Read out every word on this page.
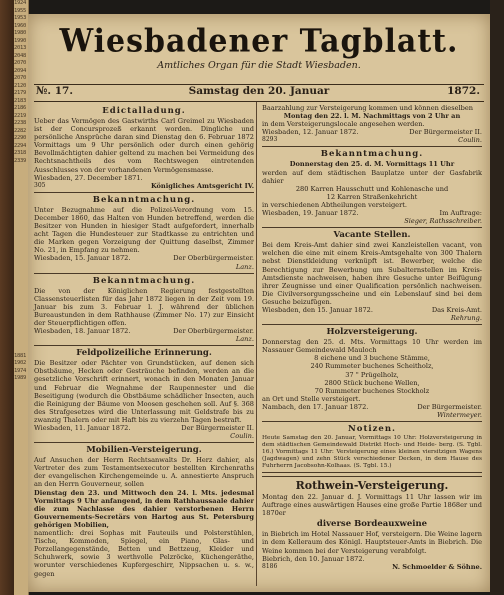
1924
1955
1953
1960
1980
1990
2013
2048
2070
2094
2070
2120
2179
2183
2186
2219
2238
2282
2290
2294
2318
2339

1881
1902
1974
1989

Wiesbadener Tagblatt.
Amtliches Organ für die Stadt Wiesbaden.
№. 17.	Samstag den 20. Januar	1872.
Edictalladung.
Ueber das Vermögen des Gastwirths Carl Greimel zu Wiesbaden ist der Concursprozeß erkannt worden. Dingliche und persönliche Ansprüche daran sind Dienstag den 6. Februar 1872 Vormittags um 9 Uhr persönlich oder durch einen gehörig Bevollmächtigten dahier geltend zu machen bei Vermeidung des Rechtsnachtheils des vom Rechtswegen eintretenden Ausschlusses von der vorhandenen Vermögensmasse.
Wiesbaden, 27. December 1871.
305	Königliches Amtsgericht IV.
Bekanntmachung.
Unter Bezugnahme auf die Polizei-Verordnung vom 15. December 1860, das Halten von Hunden betreffend, werden die Besitzer von Hunden in hiesiger Stadt aufgefordert, innerhalb acht Tagen die Hundesteuer zur Stadtkasse zu entrichten und die Marken gegen Vorzeigung der Quittung daselbst, Zimmer No. 21, in Empfang zu nehmen.
Wiesbaden, 15. Januar 1872.	Der Oberbürgermeister.
Lanz.
Bekanntmachung.
Die von der Königlichen Regierung festgestellten Classensteuerlisten für das Jahr 1872 liegen in der Zeit vom 19. Januar bis zum 3. Februar l. J. während der üblichen Bureaustunden in dem Rathhause (Zimmer No. 17) zur Einsicht der Steuerpflichtigen offen.
Wiesbaden, 18. Januar 1872.	Der Oberbürgermeister.
Lanz.
Feldpolizeiliche Erinnerung.
Die Besitzer oder Pächter von Grundstücken, auf denen sich Obstbäume, Hecken oder Gesträuche befinden, werden an die gesetzliche Vorschrift erinnert, wonach in den Monaten Januar und Februar die Wegnahme der Raupennester und die Beseitigung (wodurch die Obstbäume schädlicher Insecten, auch die Reinigung der Bäume von Moosen geschehen soll. Auf §. 368 des Strafgesetzes wird die Unterlassung mit Geldstrafe bis zu zwanzig Thalern oder mit Haft bis zu vierzehn Tagen bestraft.
Wiesbaden, 11. Januar 1872.	Der Bürgermeister II.
Coulin.
Mobilien-Versteigerung.
Auf Ansuchen der Herrn Rechtsanwalts Dr. Herz dahier, als Vertreter des zum Testamentsexecutor bestellten Kirchenraths der evangelischen Kirchengemeinde u. A. annestierte Anspruch an den Herrn Gouverneur, sollen
Dienstag den 23. und Mittwoch den 24. l. Mts. jedesmal Vormittags 9 Uhr anfangend, in dem Rathhaussaale dahier die zum Nachlasse des dahier verstorbenen Herrn Gouvernements-Secretärs von Hartog aus St. Petersburg gehörigen Mobilien,
namentlich: drei Sophas mit Fauteuils und Polsterstühlen, Tische, Kommoden, Spiegel, ein Piano, Glas- und Porzellangegenstände, Betten und Bettzeug, Kleider und Schuhwerk, sowie 3 werthvolle Pelzröcke, Küchengeräthe, worunter verschiedenes Kupfergeschirr, Nippsachen u. s. w., gegen
Baarzahlung zur Versteigerung kommen und können dieselben
Montag den 22. l. M. Nachmittags von 2 Uhr an
in dem Versteigerungslocale angesehen werden.
Wiesbaden, 12. Januar 1872.	Der Bürgermeister II.
8293	Coulin.
Bekanntmachung.
Donnerstag den 25. d. M. Vormittags 11 Uhr
werden auf dem städtischen Bauplatze unter der Gasfabrik dahier
280 Karren Hausschutt und Kohlenasche und
12 Karren Straßenkehricht
in verschiedenen Abtheilungen versteigert.
Wiesbaden, 19. Januar 1872.	Im Auftrage:
Sieger, Rathsschreiber.
Vacante Stellen.
Bei dem Kreis-Amt dahier sind zwei Kanzleistellen vacant, von welchen die eine mit einem Kreis-Amtsgehalte von 300 Thalern nebst Dienstkleidung verknüpft ist. Bewerber, welche die Berechtigung zur Bewerbung um Subalternstellen im Kreis-Amtsdienste nachweisen, haben ihre Gesuche unter Beifügung ihrer Zeugnisse und einer Qualification persönlich nachweisen. Die Civilversorgungsscheine und ein Lebenslauf sind bei dem Gesuche beizufügen.
Wiesbaden, den 15. Januar 1872.	Das Kreis-Amt.
Rehrung.
Holzversteigerung.
Donnerstag den 25. d. Mts. Vormittags 10 Uhr werden im Nassauer Gemeindewald Mauloch
8 eichene und 3 buchene Stämme,
240 Rummeter buchenes Scheitholz,
37 " Prügelholz,
2800 Stück buchene Wellen,
70 Rummeter buchenes Stockholz
an Ort und Stelle versteigert.
Nambach, den 17. Januar 1872.	Der Bürgermeister.
Wintermeyer.
Notizen.
Heute Samstag den 20. Januar, Vormittags 10 Uhr: Holzversteigerung in dem städtischen Gemeindewald Distrikt Hoch- und Heide- berg. (S. Tgbl. 16.) Vormittags 11 Uhr: Versteigerung eines kleinen viersitzigen Wagens (Jagdwagen) und zehn Stück verschiedener Decken, in dem Hause des Fuhrherrn Jacobsohn-Kolhaas. (S. Tgbl. 15.)
Rothwein-Versteigerung.
Montag den 22. Januar d. J. Vormittags 11 Uhr lassen wir im Auftrage eines auswärtigen Hauses eine große Partie 1868er und 1870er
diverse Bordeauxweine
in Biebrich im Hotel Nassauer Hof, versteigern. Die Weine lagern in dem Kelleraum des Königl. Hauptsteuer-Amts in Biebrich. Die Weine kommen bei der Versteigerung verabfolgt.
Biebrich, den 10. Januar 1872.
8186	N. Schmoelder & Söhne.
